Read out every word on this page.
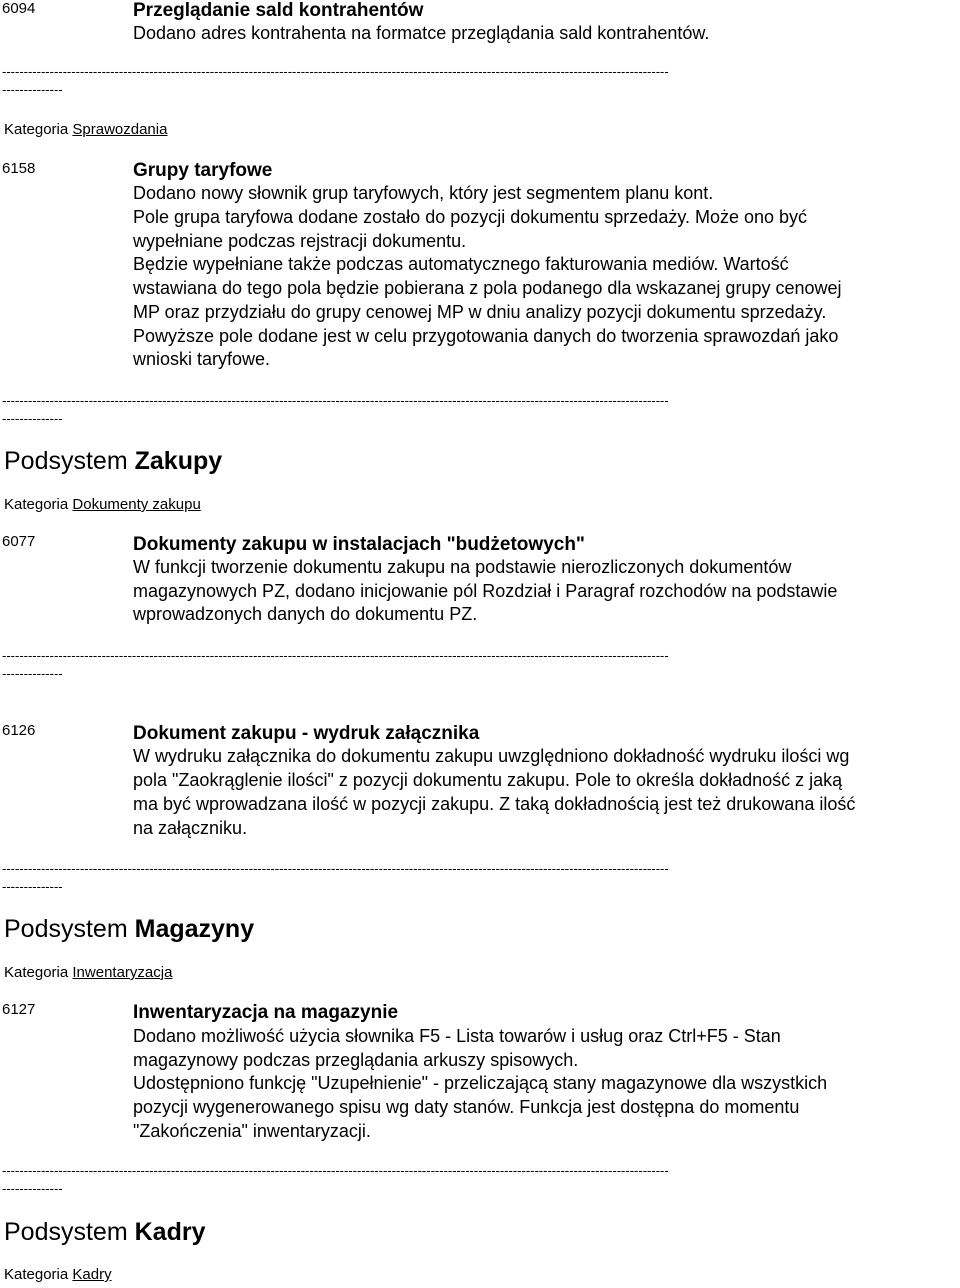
6094	Przeglądanie sald kontrahentów
Dodano adres kontrahenta na formatce przeglądania sald kontrahentów.
----------------------------------------------------------------------------------------------------------------------------------------------------------
--------------
Kategoria Sprawozdania
6158	Grupy taryfowe
Dodano nowy słownik grup taryfowych, który jest segmentem planu kont.
Pole grupa taryfowa dodane zostało do pozycji dokumentu sprzedaży. Może ono być
wypełniane podczas rejstracji dokumentu.
Będzie wypełniane także podczas automatycznego fakturowania mediów. Wartość
wstawiana do tego pola będzie pobierana z pola podanego dla wskazanej grupy cenowej
MP oraz przydziału do grupy cenowej MP w dniu analizy pozycji dokumentu sprzedaży.
Powyższe pole dodane jest w celu przygotowania danych do tworzenia sprawozdań jako
wnioski taryfowe.
----------------------------------------------------------------------------------------------------------------------------------------------------------
--------------
Podsystem Zakupy
Kategoria Dokumenty zakupu
6077	Dokumenty zakupu w instalacjach "budżetowych"
W funkcji tworzenie dokumentu zakupu na podstawie nierozliczonych dokumentów
magazynowych PZ, dodano inicjowanie pól Rozdział i Paragraf rozchodów na podstawie
wprowadzonych danych do dokumentu PZ.
----------------------------------------------------------------------------------------------------------------------------------------------------------
--------------
6126	Dokument zakupu - wydruk załącznika
W wydruku załącznika do dokumentu zakupu uwzględniono dokładność wydruku ilości wg
pola "Zaokrąglenie ilości" z pozycji dokumentu zakupu. Pole to określa dokładność z jaką
ma być wprowadzana ilość w pozycji zakupu. Z taką dokładnością jest też drukowana ilość
na załączniku.
----------------------------------------------------------------------------------------------------------------------------------------------------------
--------------
Podsystem Magazyny
Kategoria Inwentaryzacja
6127	Inwentaryzacja na magazynie
Dodano możliwość użycia słownika F5 - Lista towarów i usług oraz Ctrl+F5 - Stan
magazynowy podczas przeglądania arkuszy spisowych.
Udostępniono funkcję "Uzupełnienie" - przeliczającą stany magazynowe dla wszystkich
pozycji wygenerowanego spisu wg daty stanów. Funkcja jest dostępna do momentu
"Zakończenia" inwentaryzacji.
----------------------------------------------------------------------------------------------------------------------------------------------------------
--------------
Podsystem Kadry
Kategoria Kadry
